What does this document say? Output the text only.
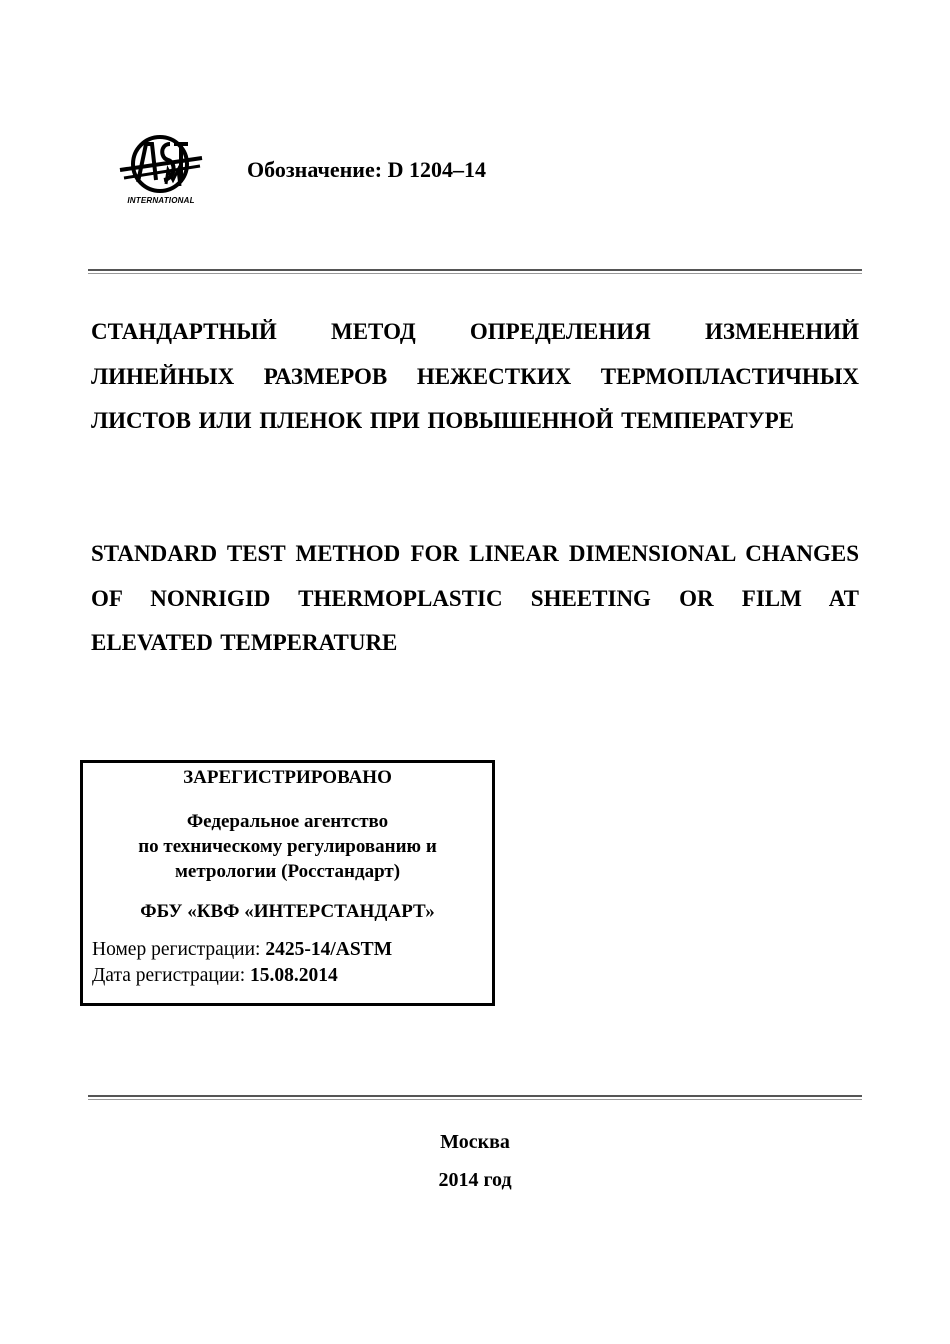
INTERNATIONAL
Обозначение: D 1204–14
СТАНДАРТНЫЙ МЕТОД ОПРЕДЕЛЕНИЯ ИЗМЕНЕНИЙ ЛИНЕЙНЫХ РАЗМЕРОВ НЕЖЕСТКИХ ТЕРМОПЛАСТИЧНЫХ ЛИСТОВ ИЛИ ПЛЕНОК ПРИ ПОВЫШЕННОЙ ТЕМПЕРАТУРЕ
STANDARD TEST METHOD FOR LINEAR DIMENSIONAL CHANGES OF NONRIGID THERMOPLASTIC SHEETING OR FILM AT ELEVATED TEMPERATURE
ЗАРЕГИСТРИРОВАНО
Федеральное агентство
по техническому регулированию и
метрологии (Росстандарт)
ФБУ «КВФ «ИНТЕРСТАНДАРТ»
Номер регистрации: 2425-14/ASTM
Дата регистрации: 15.08.2014
Москва
2014 год
